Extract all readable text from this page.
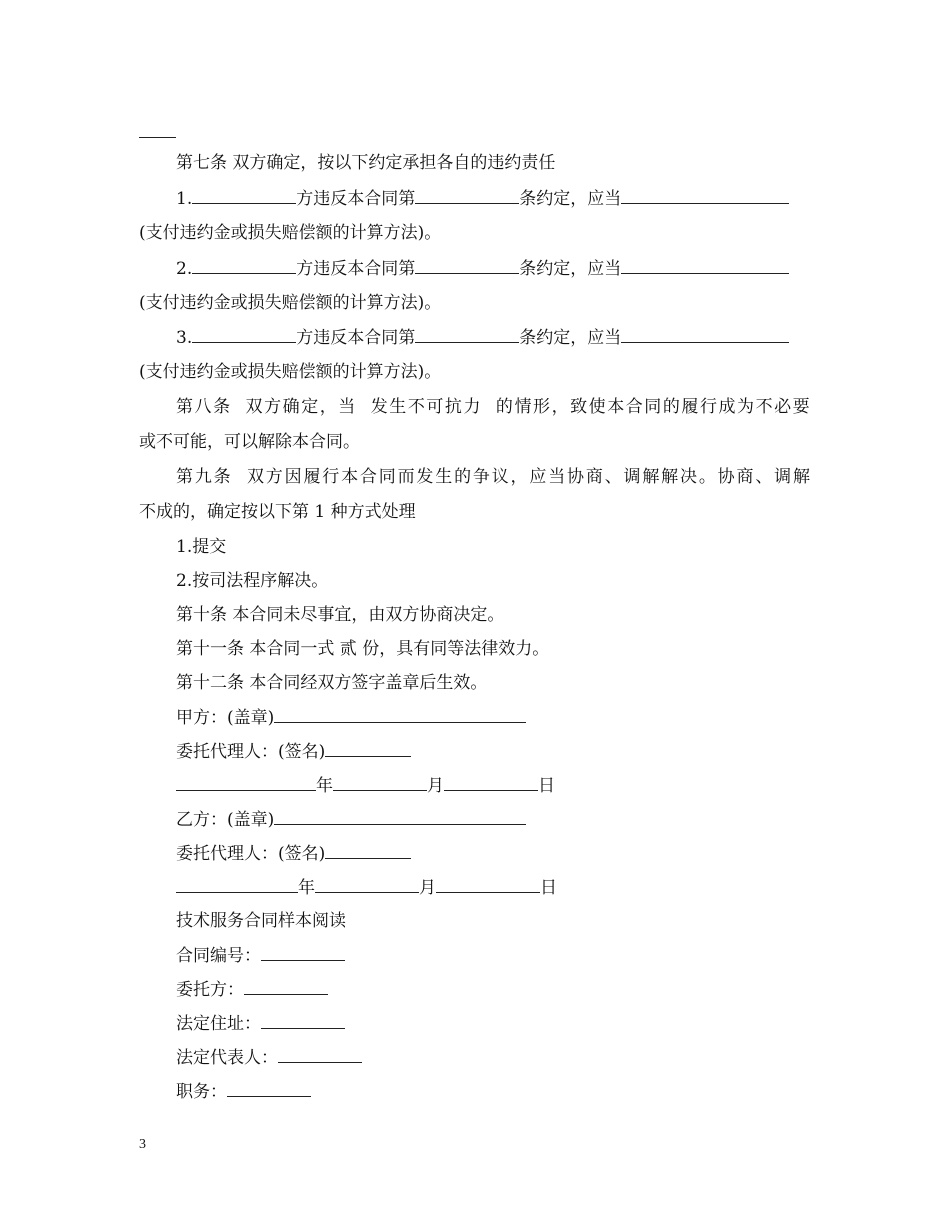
第七条 双方确定，按以下约定承担各自的违约责任
1.	方违反本合同第	条约定，应当
(支付违约金或损失赔偿额的计算方法)。
2.	方违反本合同第	条约定，应当
(支付违约金或损失赔偿额的计算方法)。
3.	方违反本合同第	条约定，应当
(支付违约金或损失赔偿额的计算方法)。
第 八 条

双 方 确 定 ， 当

发 生 不 可 抗 力

的 情 形 ， 致 使 本 合 同 的 履 行 成 为 不 必 要
或不可能，可以解除本合同。
第 九 条

双 方 因 履 行 本 合 同 而 发 生 的 争 议 ， 应 当 协 商 、 调 解 解 决 。 协 商 、 调 解
不成的，确定按以下第 1 种方式处理
1.提交
2.按司法程序解决。
第十条 本合同未尽事宜，由双方协商决定。
第十一条 本合同一式 贰 份，具有同等法律效力。
第十二条 本合同经双方签字盖章后生效。
甲方：(盖章)
委托代理人：(签名)
年	月	日
乙方：(盖章)
委托代理人：(签名)
年	月	日
技术服务合同样本阅读
合同编号：
委托方：
法定住址：
法定代表人：
职务：
3
